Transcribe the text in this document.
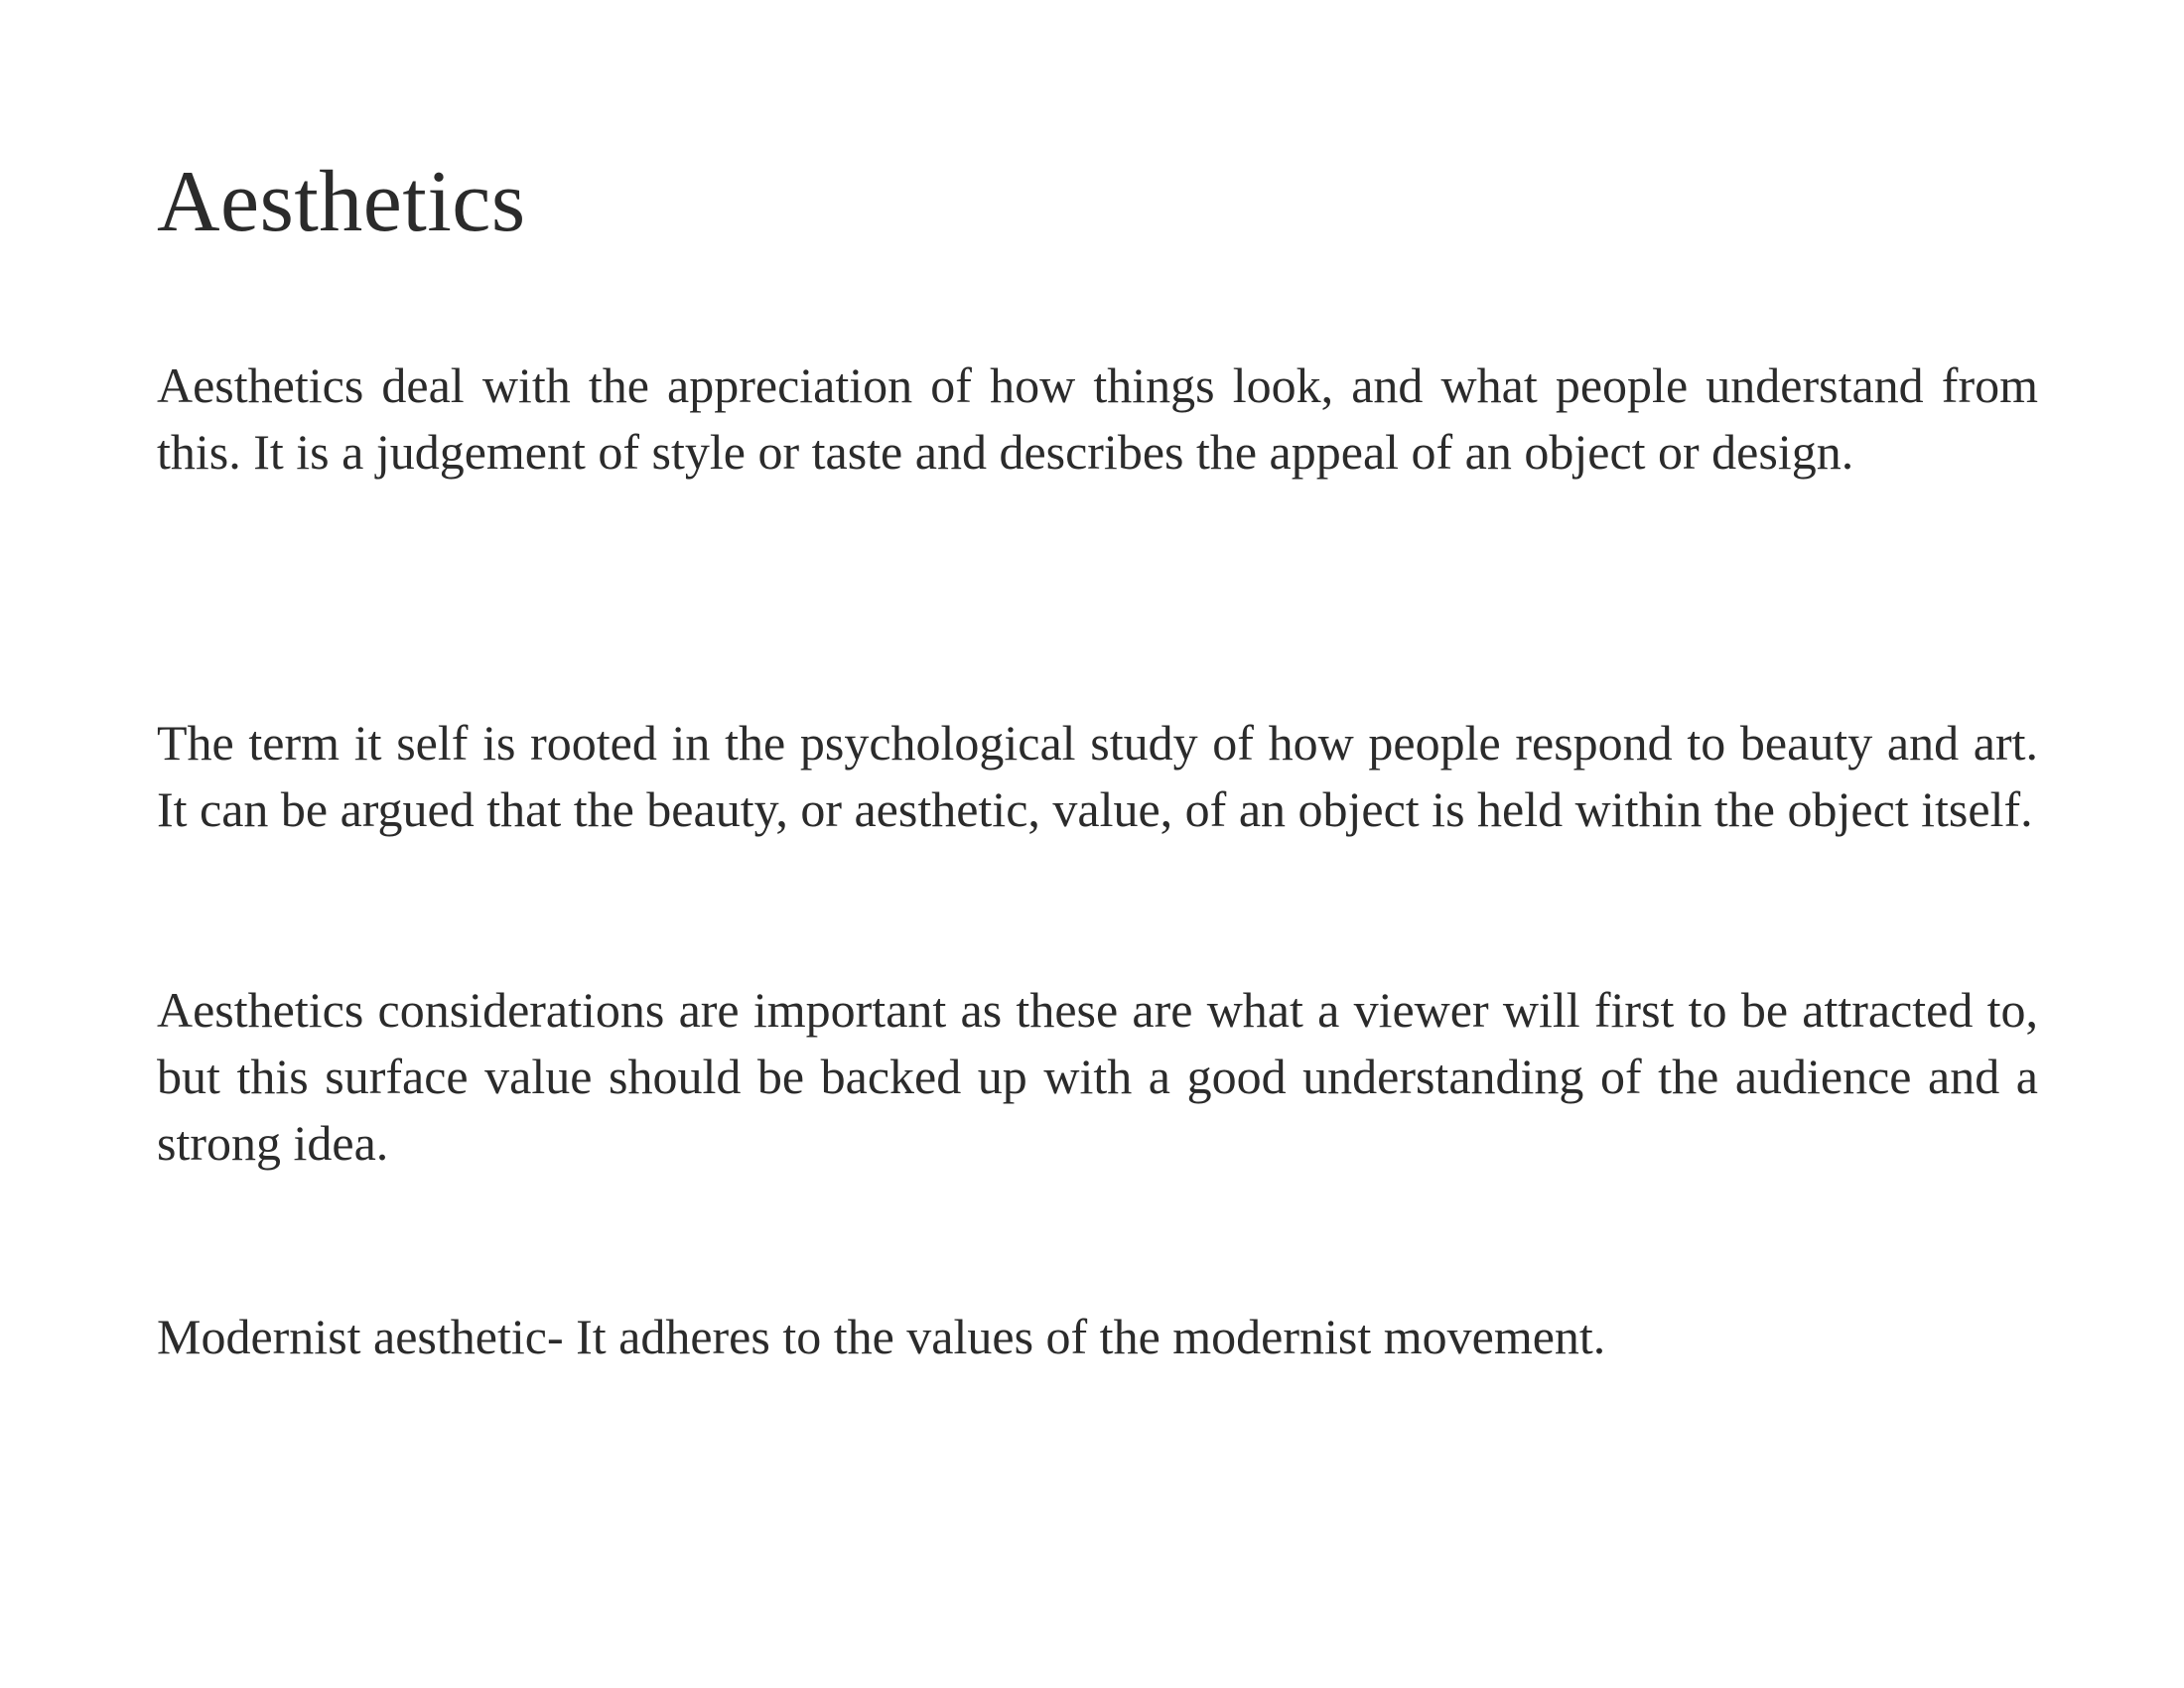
Aesthetics

Aesthetics deal with the appreciation of how things look, and what people understand from this. It is a judgement of style or taste and describes the appeal of an object or design.

The term it self is rooted in the psychological study of how people respond to beauty and art. It can be argued that the beauty, or aesthetic, value, of an object is held within the object itself.

Aesthetics considerations are important as these are what a viewer will first to be attracted to, but this surface value should be backed up with a good understanding of the audience and a strong idea.

Modernist aesthetic- It adheres to the values of the modernist movement.
